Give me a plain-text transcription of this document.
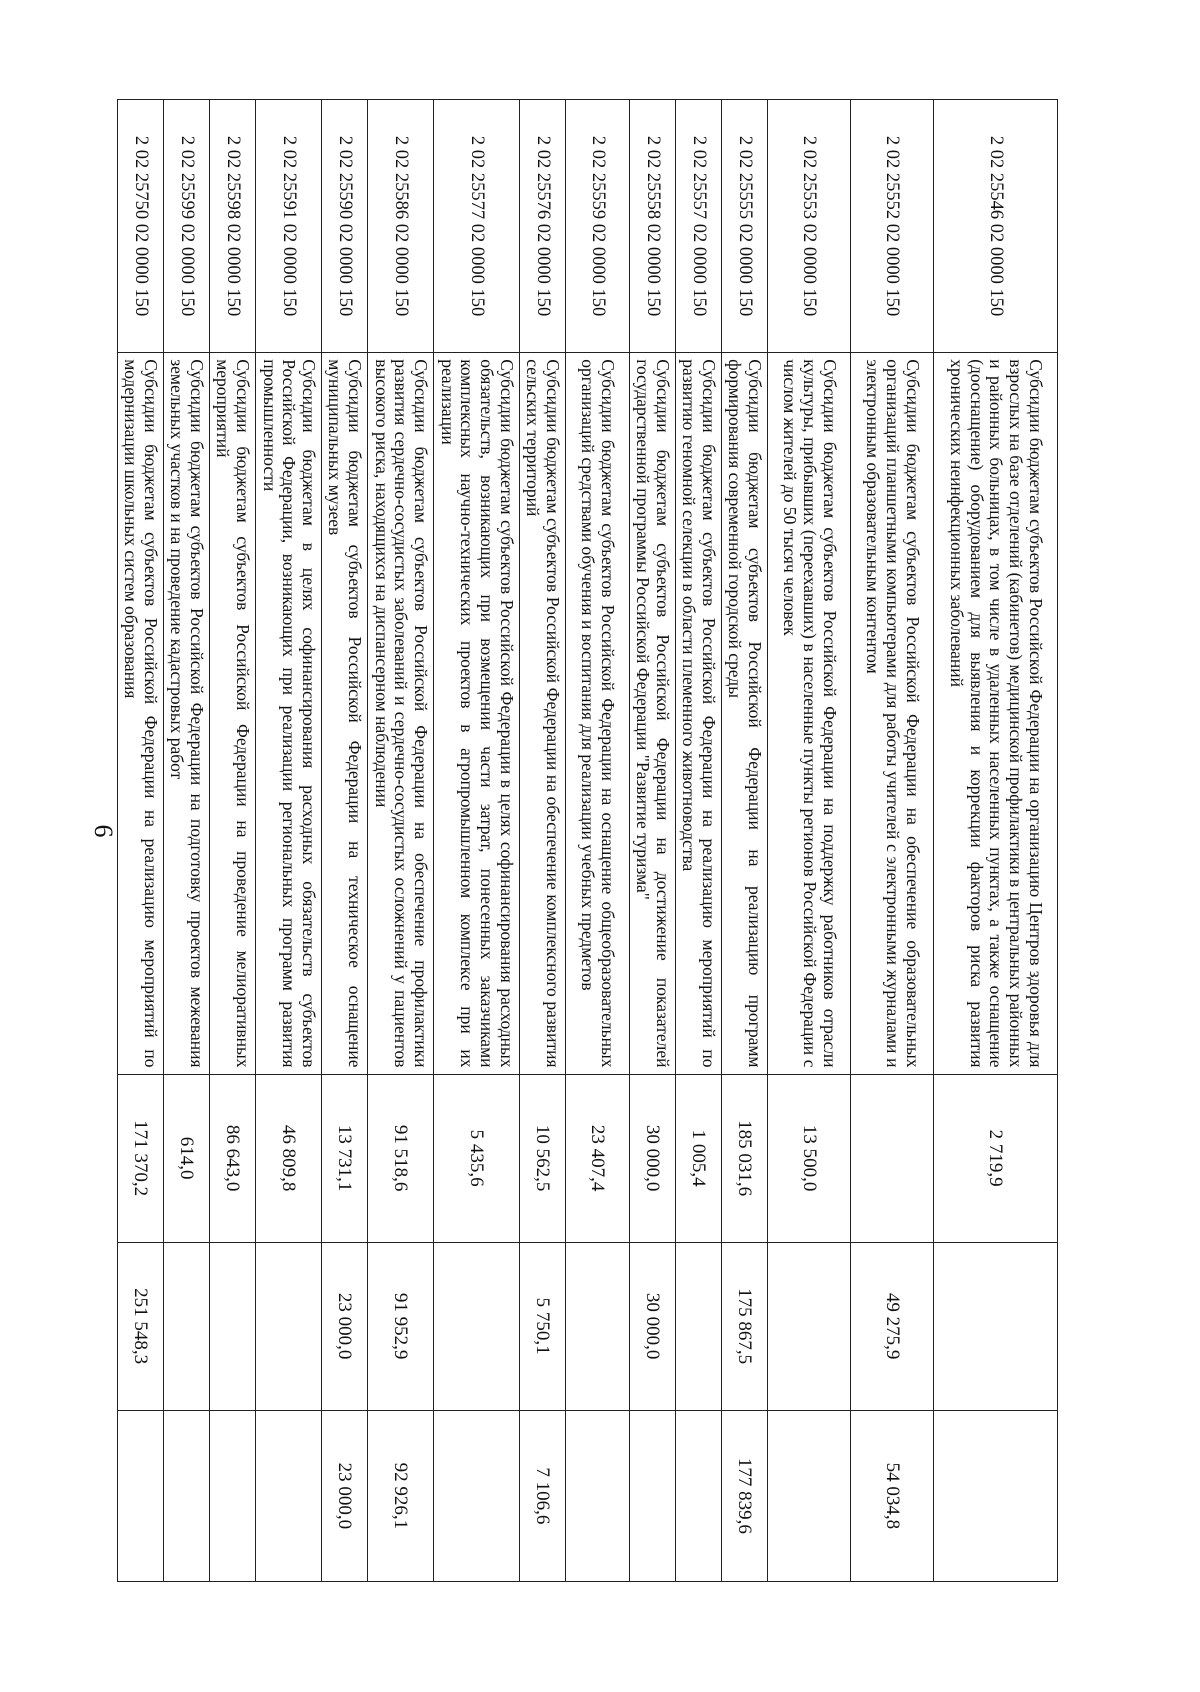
6
2 02 25546 02 0000 150	Субсидии бюджетам субъектов Российской Федерации на организацию Центров здоровья для взрослых на базе отделений (кабинетов) медицинской профилактики в центральных районных и районных больницах, в том числе в удаленных населенных пунктах, а также оснащение (дооснащение) оборудованием для выявления и коррекции факторов риска развития хронических неинфекционных заболеваний	2 719,9		
2 02 25552 02 0000 150	Субсидии бюджетам субъектов Российской Федерации на обеспечение образовательных организаций планшетными компьютерами для работы учителей с электронными журналами и электронным образовательным контентом		49 275,9	54 034,8
2 02 25553 02 0000 150	Субсидии бюджетам субъектов Российской Федерации на поддержку работников отрасли культуры, прибывших (переехавших) в населенные пункты регионов Российской Федерации с числом жителей до 50 тысяч человек	13 500,0		
2 02 25555 02 0000 150	Субсидии бюджетам субъектов Российской Федерации на реализацию программ формирования современной городской среды	185 031,6	175 867,5	177 839,6
2 02 25557 02 0000 150	Субсидии бюджетам субъектов Российской Федерации на реализацию мероприятий по развитию геномной селекции в области племенного животноводства	1 005,4		
2 02 25558 02 0000 150	Субсидии бюджетам субъектов Российской Федерации на достижение показателей государственной программы Российской Федерации "Развитие туризма"	30 000,0	30 000,0	
2 02 25559 02 0000 150	Субсидии бюджетам субъектов Российской Федерации на оснащение общеобразовательных организаций средствами обучения и воспитания для реализации учебных предметов	23 407,4		
2 02 25576 02 0000 150	Субсидии бюджетам субъектов Российской Федерации на обеспечение комплексного развития сельских территорий	10 562,5	5 750,1	7 106,6
2 02 25577 02 0000 150	Субсидии бюджетам субъектов Российской Федерации в целях софинансирования расходных обязательств, возникающих при возмещении части затрат, понесенных заказчиками комплексных научно-технических проектов в агропромышленном комплексе при их реализации	5 435,6		
2 02 25586 02 0000 150	Субсидии бюджетам субъектов Российской Федерации на обеспечение профилактики развития сердечно-сосудистых заболеваний и сердечно-сосудистых осложнений у пациентов высокого риска, находящихся на диспансерном наблюдении	91 518,6	91 952,9	92 926,1
2 02 25590 02 0000 150	Субсидии бюджетам субъектов Российской Федерации на техническое оснащение муниципальных музеев	13 731,1	23 000,0	23 000,0
2 02 25591 02 0000 150	Субсидии бюджетам в целях софинансирования расходных обязательств субъектов Российской Федерации, возникающих при реализации региональных программ развития промышленности	46 809,8		
2 02 25598 02 0000 150	Субсидии бюджетам субъектов Российской Федерации на проведение мелиоративных мероприятий	86 643,0		
2 02 25599 02 0000 150	Субсидии бюджетам субъектов Российской Федерации на подготовку проектов межевания земельных участков и на проведение кадастровых работ	614,0		
2 02 25750 02 0000 150	Субсидии бюджетам субъектов Российской Федерации на реализацию мероприятий по модернизации школьных систем образования	171 370,2	251 548,3	
